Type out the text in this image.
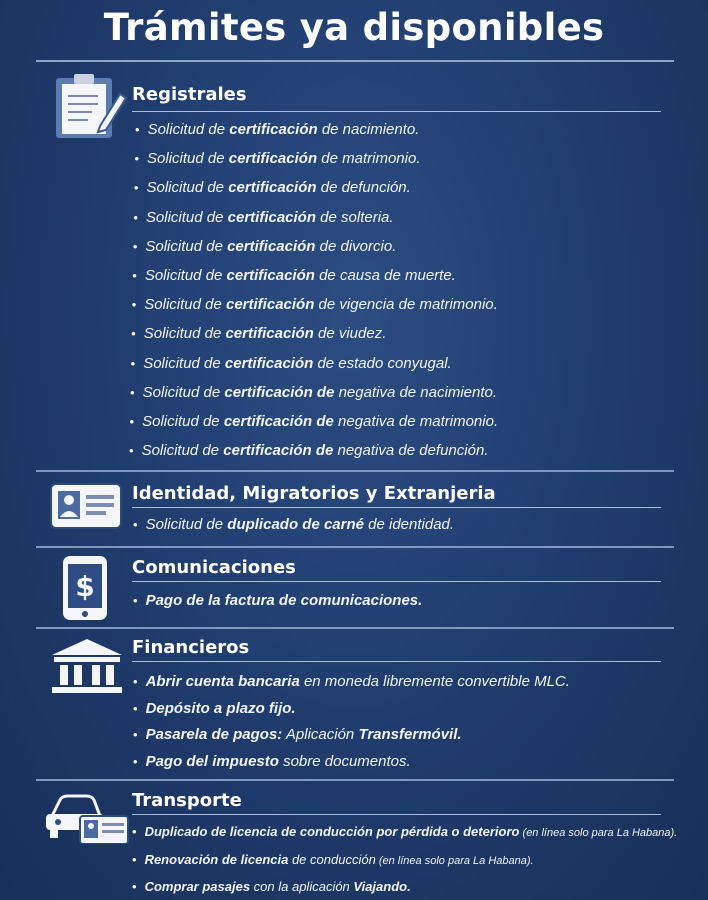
Trámites ya disponibles
Registrales
• Solicitud de certificación de nacimiento.
• Solicitud de certificación de matrimonio.
• Solicitud de certificación de defunción.
• Solicitud de certificación de solteria.
• Solicitud de certificación de divorcio.
• Solicitud de certificación de causa de muerte.
• Solicitud de certificación de vigencia de matrimonio.
• Solicitud de certificación de viudez.
• Solicitud de certificación de estado conyugal.
• Solicitud de certificación de negativa de nacimiento.
• Solicitud de certificación de negativa de matrimonio.
• Solicitud de certificación de negativa de defunción.
Identidad, Migratorios y Extranjeria
• Solicitud de duplicado de carné de identidad.
$
Comunicaciones
• Pago de la factura de comunicaciones.
Financieros
• Abrir cuenta bancaria en moneda libremente convertible MLC.
• Depósito a plazo fijo.
• Pasarela de pagos: Aplicación Transfermóvil.
• Pago del impuesto sobre documentos.
Transporte
• Duplicado de licencia de conducción por pérdida o deterioro (en línea solo para La Habana).
• Renovación de licencia de conducción (en línea solo para La Habana).
• Comprar pasajes con la aplicación Viajando.
